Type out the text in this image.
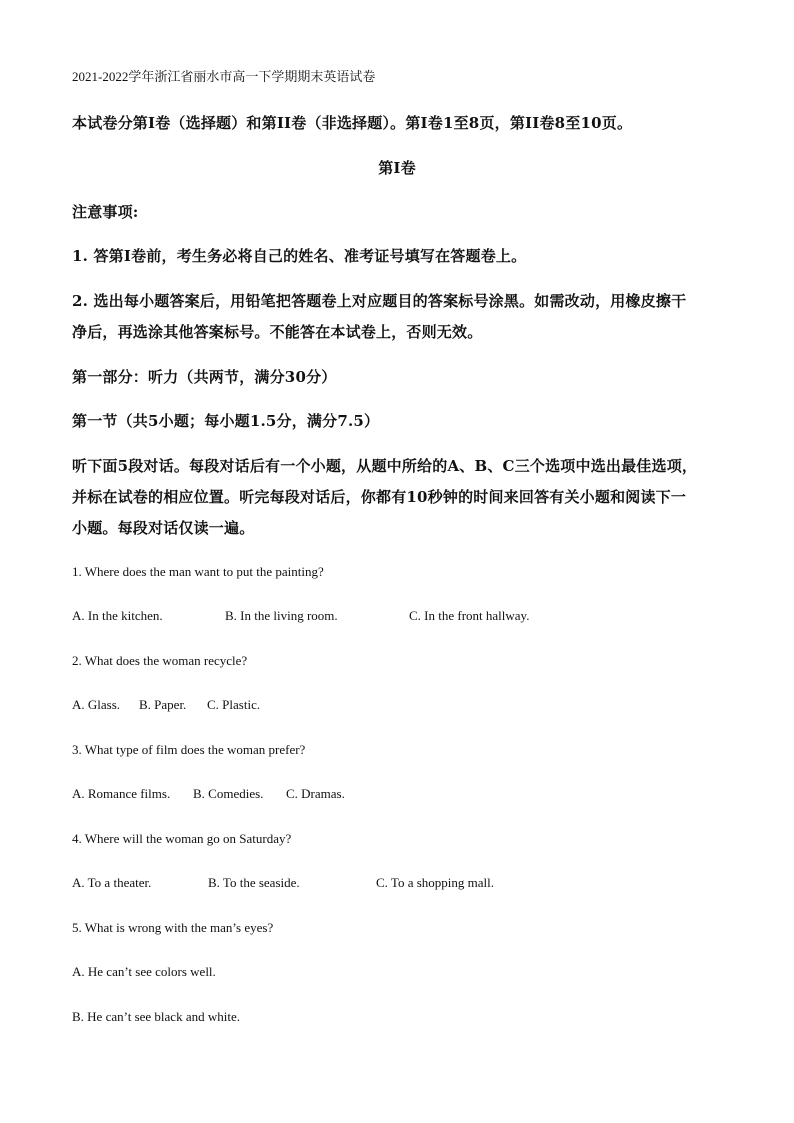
2021-2022学年浙江省丽水市高一下学期期末英语试卷
本试卷分第I卷（选择题）和第II卷（非选择题）。第I卷1至8页，第II卷8至10页。
第I卷
注意事项:
1. 答第I卷前，考生务必将自己的姓名、准考证号填写在答题卷上。
2. 选出每小题答案后，用铅笔把答题卷上对应题目的答案标号涂黑。如需改动，用橡皮擦干
净后，再选涂其他答案标号。不能答在本试卷上，否则无效。
第一部分：听力（共两节，满分30分）
第一节（共5小题；每小题1.5分，满分7.5）
听下面5段对话。每段对话后有一个小题，从题中所给的A、B、C三个选项中选出最佳选项，
并标在试卷的相应位置。听完每段对话后，你都有10秒钟的时间来回答有关小题和阅读下一
小题。每段对话仅读一遍。
1. Where does the man want to put the painting?
A. In the kitchen.	B. In the living room.	C. In the front hallway.
2. What does the woman recycle?
A. Glass. B. Paper. C. Plastic.
3. What type of film does the woman prefer?
A. Romance films. B. Comedies. C. Dramas.
4. Where will the woman go on Saturday?
A. To a theater.	B. To the seaside.	C. To a shopping mall.
5. What is wrong with the man’s eyes?
A. He can’t see colors well.
B. He can’t see black and white.
